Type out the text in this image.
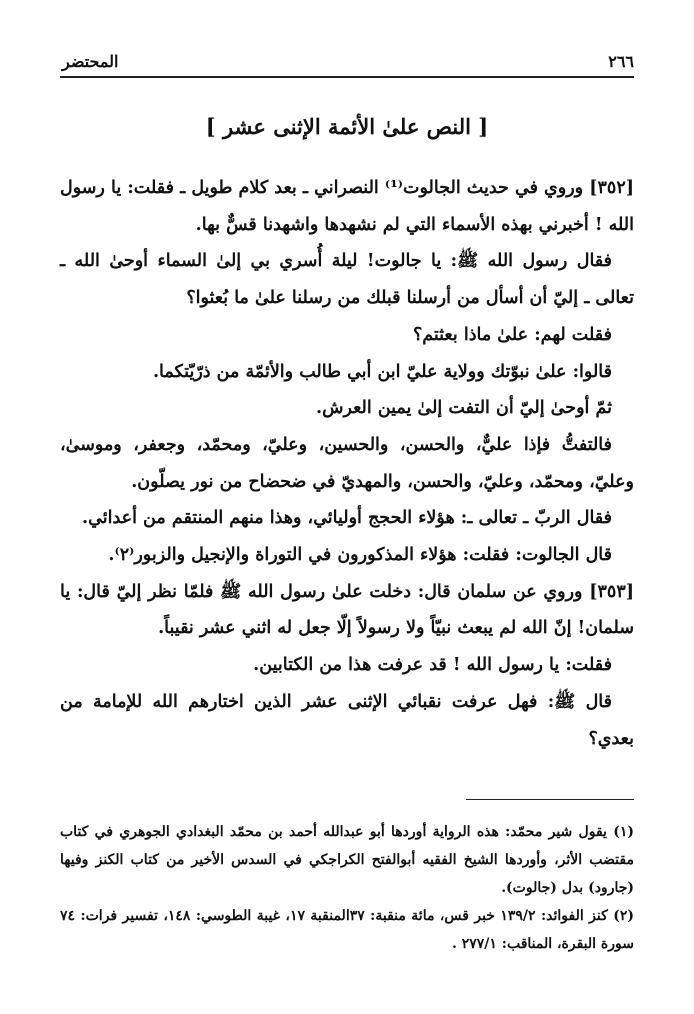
٢٦٦
المحتضر
[ النص علىٰ الأئمة الإثنى عشر ]

[٣٥٢] وروي في حديث الجالوت⁽¹⁾ النصراني ـ بعد كلام طويل ـ فقلت: يا رسول الله ! أخبرني بهذه الأسماء التي لم نشهدها واشهدنا قسٌّ بها.

فقال رسول الله ﷺ: يا جالوت! ليلة أُسري بي إلىٰ السماء أوحىٰ الله ـ تعالى ـ إليّ أن أسأل من أرسلنا قبلك من رسلنا علىٰ ما بُعثوا؟

فقلت لهم: علىٰ ماذا بعثتم؟

قالوا: علىٰ نبوّتك وولاية عليّ ابن أبي طالب والأئمّة من ذرّيّتكما.

ثمّ أوحىٰ إليّ أن التفت إلىٰ يمين العرش.

فالتفتُّ فإذا عليٌّ، والحسن، والحسين، وعليّ، ومحمّد، وجعفر، وموسىٰ، وعليّ، ومحمّد، وعليّ، والحسن، والمهديّ في ضحضاح من نور يصلّون.

فقال الربّ ـ تعالى ـ: هؤلاء الحجج أوليائي، وهذا منهم المنتقم من أعدائي.

قال الجالوت: فقلت: هؤلاء المذكورون في التوراة والإنجيل والزبور⁽٢⁾.

[٣٥٣] وروي عن سلمان قال: دخلت علىٰ رسول الله ﷺ فلمّا نظر إليّ قال: يا سلمان! إنّ الله لم يبعث نبيّاً ولا رسولاً إلّا جعل له اثني عشر نقيباً.

فقلت: يا رسول الله ! قد عرفت هذا من الكتابين.

قال ﷺ: فهل عرفت نقبائي الإثنى عشر الذين اختارهم الله للإمامة من بعدي؟

(١) يقول شير محمّد: هذه الرواية أوردها أبو عبدالله أحمد بن محمّد البغدادي الجوهري في كتاب مقتضب الأثر، وأوردها الشيخ الفقيه أبوالفتح الكراجكي في السدس الأخير من كتاب الكنز وفيها (جارود) بدل (جالوت).

(٢) كنز الفوائد: ١٣٩/٢ خبر قس، مائة منقبة: ٣٧المنقبة ١٧، غيبة الطوسي: ١٤٨، تفسير فرات: ٧٤ سورة البقرة، المناقب: ٢٧٧/١ .
